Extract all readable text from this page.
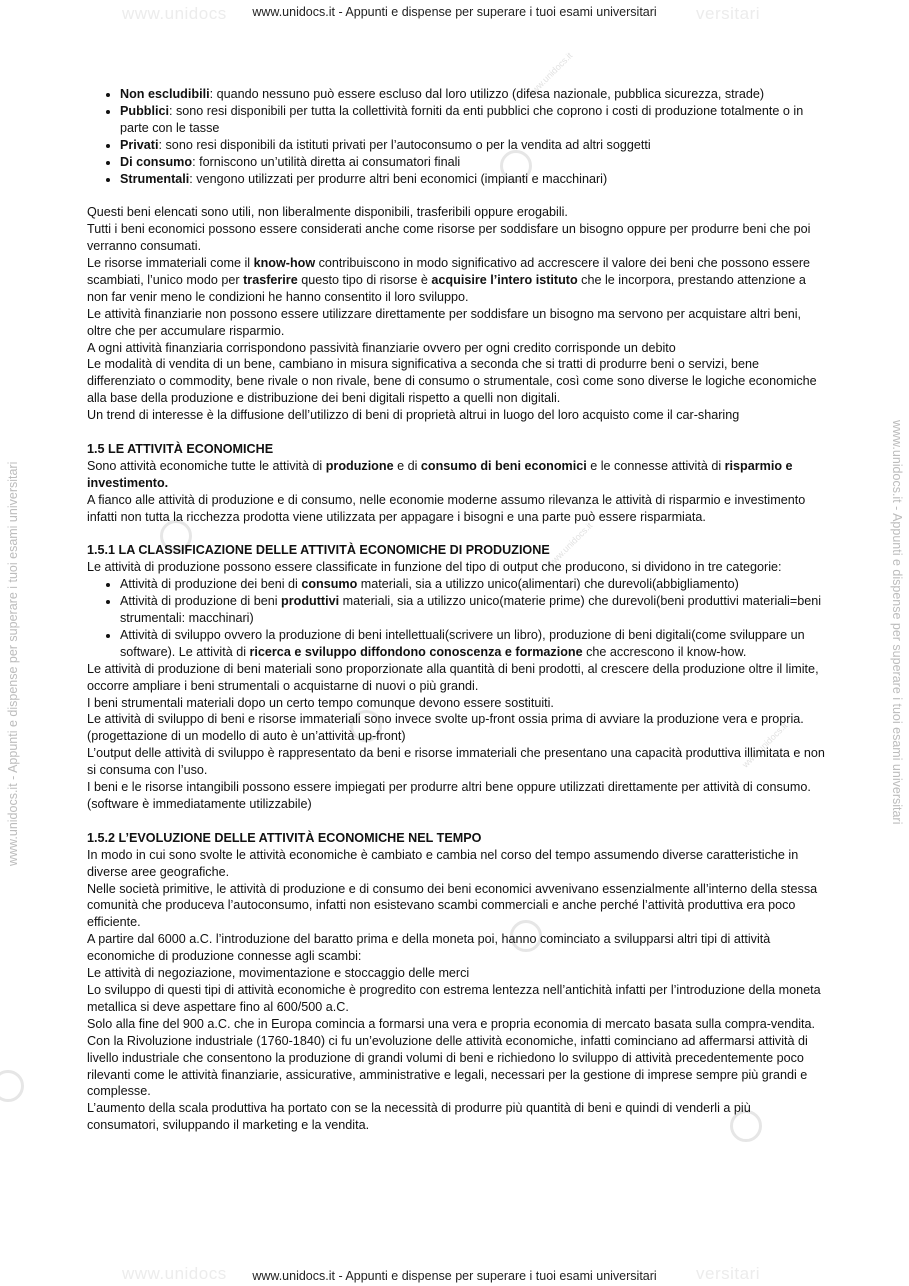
www.unidocs	versitari
www.unidocs	versitari
www.unidocs.it
www.unidocs.it
www.unidocs.it
www.unidocs.it - Appunti e dispense per superare i tuoi esami universitari	www.unidocs.it - Appunti e dispense per superare i tuoi esami universitari
www.unidocs.it - Appunti e dispense per superare i tuoi esami universitari
• Non escludibili: quando nessuno può essere escluso dal loro utilizzo (difesa nazionale, pubblica sicurezza, strade)
• Pubblici: sono resi disponibili per tutta la collettività forniti da enti pubblici che coprono i costi di produzione totalmente o in parte con le tasse
• Privati: sono resi disponibili da istituti privati per l’autoconsumo o per la vendita ad altri soggetti
• Di consumo: forniscono un’utilità diretta ai consumatori finali
• Strumentali: vengono utilizzati per produrre altri beni economici (impianti e macchinari)

Questi beni elencati sono utili, non liberalmente disponibili, trasferibili oppure erogabili.

Tutti i beni economici possono essere considerati anche come risorse per soddisfare un bisogno oppure per produrre beni che poi verranno consumati.

Le risorse immateriali come il know-how contribuiscono in modo significativo ad accrescere il valore dei beni che possono essere scambiati, l’unico modo per trasferire questo tipo di risorse è acquisire l’intero istituto che le incorpora, prestando attenzione a non far venir meno le condizioni he hanno consentito il loro sviluppo.

Le attività finanziarie non possono essere utilizzare direttamente per soddisfare un bisogno ma servono per acquistare altri beni, oltre che per accumulare risparmio.

A ogni attività finanziaria corrispondono passività finanziarie ovvero per ogni credito corrisponde un debito

Le modalità di vendita di un bene, cambiano in misura significativa a seconda che si tratti di produrre beni o servizi, bene differenziato o commodity, bene rivale o non rivale, bene di consumo o strumentale, così come sono diverse le logiche economiche alla base della produzione e distribuzione dei beni digitali rispetto a quelli non digitali.

Un trend di interesse è la diffusione dell’utilizzo di beni di proprietà altrui in luogo del loro acquisto come il car-sharing

1.5 LE ATTIVITÀ ECONOMICHE

Sono attività economiche tutte le attività di produzione e di consumo di beni economici e le connesse attività di risparmio e investimento.

A fianco alle attività di produzione e di consumo, nelle economie moderne assumo rilevanza le attività di risparmio e investimento infatti non tutta la ricchezza prodotta viene utilizzata per appagare i bisogni e una parte può essere risparmiata.

1.5.1 LA CLASSIFICAZIONE DELLE ATTIVITÀ ECONOMICHE DI PRODUZIONE

Le attività di produzione possono essere classificate in funzione del tipo di output che producono, si dividono in tre categorie:

• Attività di produzione dei beni di consumo materiali, sia a utilizzo unico(alimentari) che durevoli(abbigliamento)
• Attività di produzione di beni produttivi materiali, sia a utilizzo unico(materie prime) che durevoli(beni produttivi materiali=beni strumentali: macchinari)
• Attività di sviluppo ovvero la produzione di beni intellettuali(scrivere un libro), produzione di beni digitali(come sviluppare un software). Le attività di ricerca e sviluppo diffondono conoscenza e formazione che accrescono il know-how.

Le attività di produzione di beni materiali sono proporzionate alla quantità di beni prodotti, al crescere della produzione oltre il limite, occorre ampliare i beni strumentali o acquistarne di nuovi o più grandi.

I beni strumentali materiali dopo un certo tempo comunque devono essere sostituiti.

Le attività di sviluppo di beni e risorse immateriali sono invece svolte up-front ossia prima di avviare la produzione vera e propria. (progettazione di un modello di auto è un’attività up-front)

L’output delle attività di sviluppo è rappresentato da beni e risorse immateriali che presentano una capacità produttiva illimitata e non si consuma con l’uso.

I beni e le risorse intangibili possono essere impiegati per produrre altri bene oppure utilizzati direttamente per attività di consumo. (software è immediatamente utilizzabile)

1.5.2 L’EVOLUZIONE DELLE ATTIVITÀ ECONOMICHE NEL TEMPO

In modo in cui sono svolte le attività economiche è cambiato e cambia nel corso del tempo assumendo diverse caratteristiche in diverse aree geografiche.

Nelle società primitive, le attività di produzione e di consumo dei beni economici avvenivano essenzialmente all’interno della stessa comunità che produceva l’autoconsumo, infatti non esistevano scambi commerciali e anche perché l’attività produttiva era poco efficiente.

A partire dal 6000 a.C. l’introduzione del baratto prima e della moneta poi, hanno cominciato a svilupparsi altri tipi di attività economiche di produzione connesse agli scambi:

Le attività di negoziazione, movimentazione e stoccaggio delle merci

Lo sviluppo di questi tipi di attività economiche è progredito con estrema lentezza nell’antichità infatti per l’introduzione della moneta metallica si deve aspettare fino al 600/500 a.C.

Solo alla fine del 900 a.C. che in Europa comincia a formarsi una vera e propria economia di mercato basata sulla compra-vendita.

Con la Rivoluzione industriale (1760-1840) ci fu un’evoluzione delle attività economiche, infatti cominciano ad affermarsi attività di livello industriale che consentono la produzione di grandi volumi di beni e richiedono lo sviluppo di attività precedentemente poco rilevanti come le attività finanziarie, assicurative, amministrative e legali, necessari per la gestione di imprese sempre più grandi e complesse.

L’aumento della scala produttiva ha portato con se la necessità di produrre più quantità di beni e quindi di venderli a più consumatori, sviluppando il marketing e la vendita.

www.unidocs.it - Appunti e dispense per superare i tuoi esami universitari
